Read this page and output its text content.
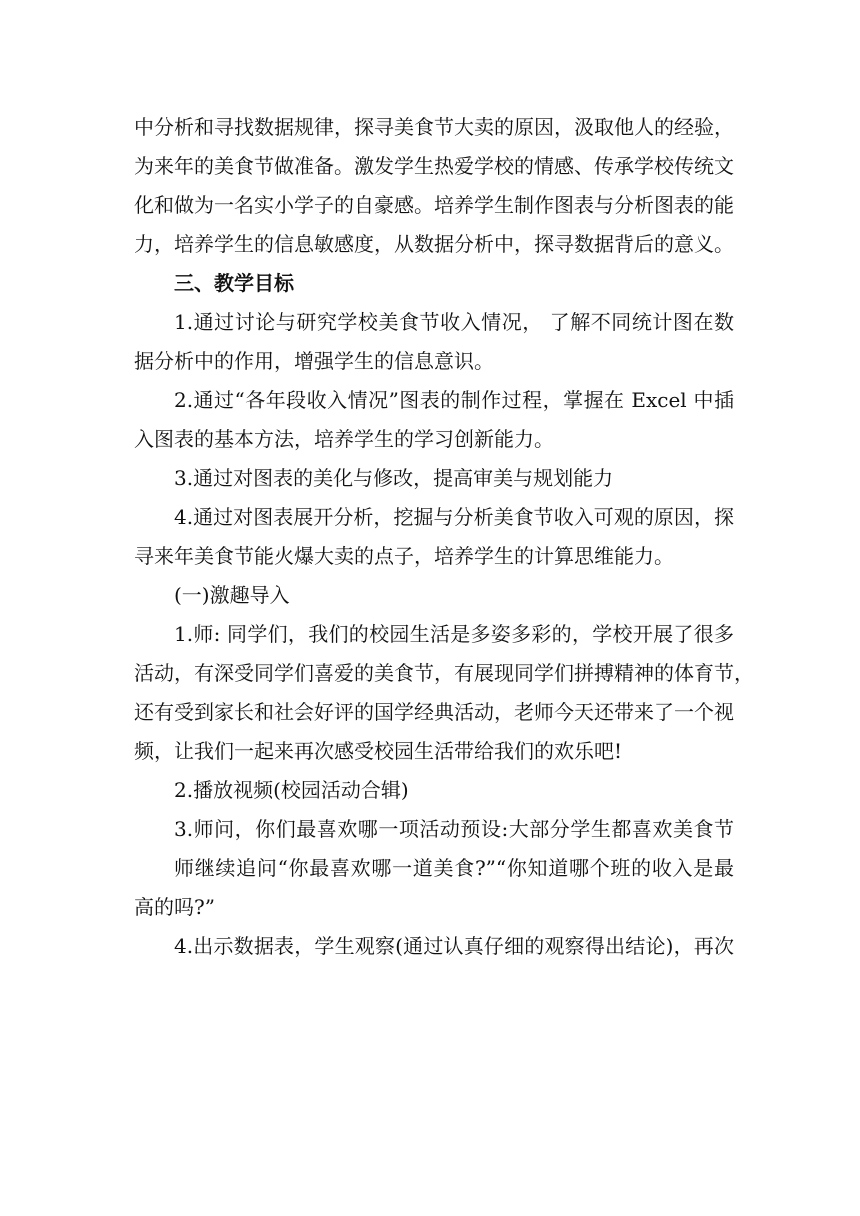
中分析和寻找数据规律，探寻美食节大卖的原因，汲取他人的经验，
为来年的美食节做准备。激发学生热爱学校的情感、传承学校传统文
化和做为一名实小学子的自豪感。培养学生制作图表与分析图表的能
力，培养学生的信息敏感度，从数据分析中，探寻数据背后的意义。
三、教学目标
1.通过讨论与研究学校美食节收入情况， 了解不同统计图在数
据分析中的作用，增强学生的信息意识。
2.通过“各年段收入情况”图表的制作过程，掌握在 Excel 中插
入图表的基本方法，培养学生的学习创新能力。
3.通过对图表的美化与修改，提高审美与规划能力
4.通过对图表展开分析，挖掘与分析美食节收入可观的原因，探
寻来年美食节能火爆大卖的点子，培养学生的计算思维能力。
(一)激趣导入
1.师: 同学们，我们的校园生活是多姿多彩的，学校开展了很多
活动，有深受同学们喜爱的美食节，有展现同学们拼搏精神的体育节，
还有受到家长和社会好评的国学经典活动，老师今天还带来了一个视
频，让我们一起来再次感受校园生活带给我们的欢乐吧!
2.播放视频(校园活动合辑)
3.师问，你们最喜欢哪一项活动预设:大部分学生都喜欢美食节
师继续追问“你最喜欢哪一道美食?”“你知道哪个班的收入是最
高的吗?”
4.出示数据表，学生观察(通过认真仔细的观察得出结论)，再次
